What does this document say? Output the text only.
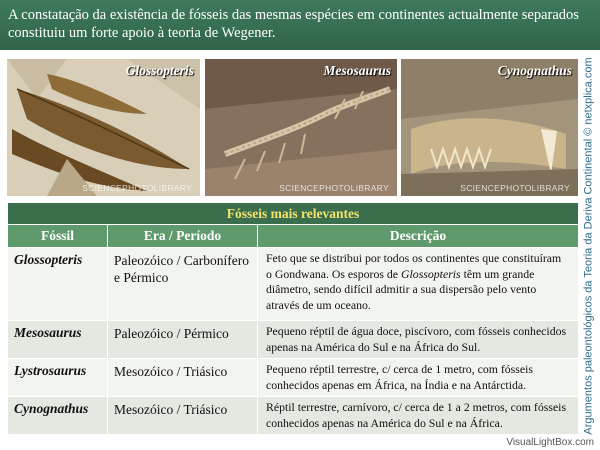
A constatação da existência de fósseis das mesmas espécies em continentes actualmente separados constituiu um forte apoio à teoria de Wegener.
Glossopteris
SCIENCEPHOTOLIBRARY
Mesosaurus
SCIENCEPHOTOLIBRARY
Cynognathus
SCIENCEPHOTOLIBRARY Argumentos paleontológicos da Teoria da Deriva Continental © netxplica.com
Fósseis mais relevantes		
Fóssil	Era / Período	Descrição
Glossopteris	Paleozóico / Carbonífero e Pérmico	Feto que se distribui por todos os continentes que constituíram o Gondwana. Os esporos de Glossopteris têm um grande diâmetro, sendo difícil admitir a sua dispersão pelo vento através de um oceano.
Mesosaurus	Paleozóico / Pérmico	Pequeno réptil de água doce, piscívoro, com fósseis conhecidos apenas na América do Sul e na África do Sul.
Lystrosaurus	Mesozóico / Triásico	Pequeno réptil terrestre, c/ cerca de 1 metro, com fósseis conhecidos apenas em África, na Índia e na Antárctida.
Cynognathus	Mesozóico / Triásico	Réptil terrestre, carnívoro, c/ cerca de 1 a 2 metros, com fósseis conhecidos apenas na América do Sul e na África.
VisualLightBox.com
